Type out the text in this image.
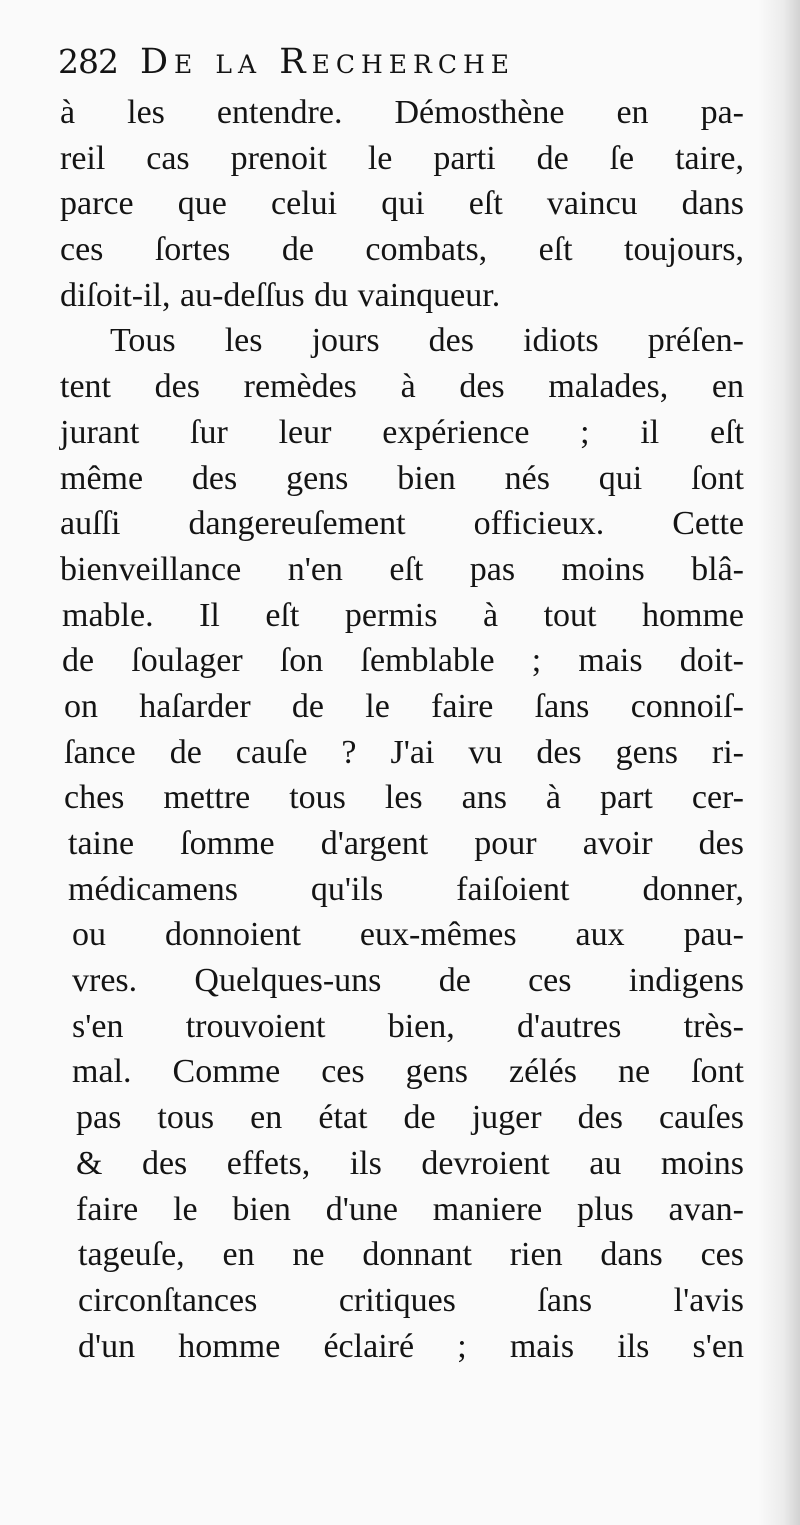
282 De la Recherche
à les entendre. Démosthène en pa-
reil cas prenoit le parti de ſe taire,
parce que celui qui eſt vaincu dans
ces ſortes de combats, eſt toujours,
diſoit-il, au-deſſus du vainqueur.
Tous les jours des idiots préſen-
tent des remèdes à des malades, en
jurant ſur leur expérience ; il eſt
même des gens bien nés qui ſont
auſſi dangereuſement officieux. Cette
bienveillance n'en eſt pas moins blâ-
mable. Il eſt permis à tout homme
de ſoulager ſon ſemblable ; mais doit-
on haſarder de le faire ſans connoiſ-
ſance de cauſe ? J'ai vu des gens ri-
ches mettre tous les ans à part cer-
taine ſomme d'argent pour avoir des
médicamens qu'ils faiſoient donner,
ou donnoient eux-mêmes aux pau-
vres. Quelques-uns de ces indigens
s'en trouvoient bien, d'autres très-
mal. Comme ces gens zélés ne ſont
pas tous en état de juger des cauſes
& des effets, ils devroient au moins
faire le bien d'une maniere plus avan-
tageuſe, en ne donnant rien dans ces
circonſtances critiques ſans l'avis
d'un homme éclairé ; mais ils s'en
